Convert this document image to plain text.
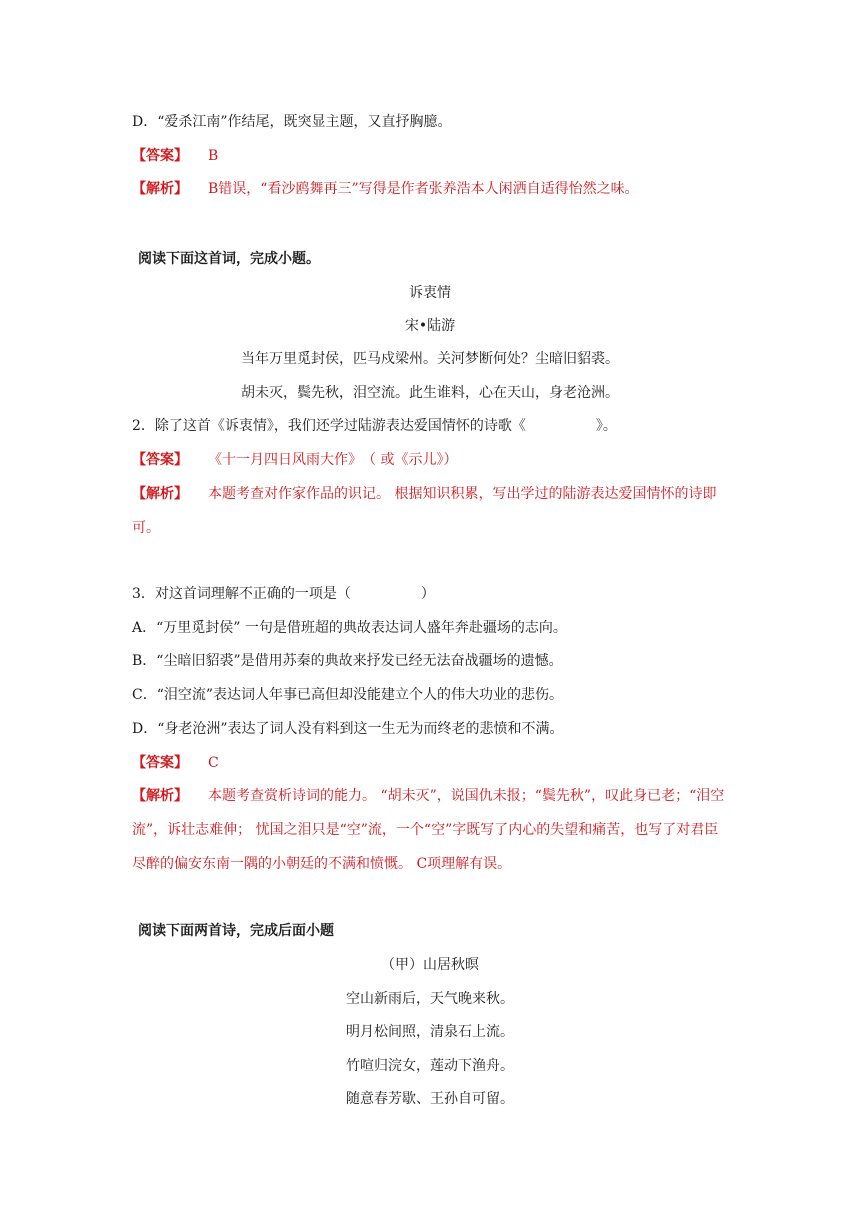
D．“爱杀江南”作结尾，既突显主题，又直抒胸臆。
【答案】 B
【解析】 B错误，“看沙鸥舞再三”写得是作者张养浩本人闲洒自适得怡然之味。
阅读下面这首词，完成小题。
诉衷情
宋•陆游
当年万里觅封侯，匹马戍梁州。关河梦断何处？尘暗旧貂裘。
胡未灭，鬓先秋，泪空流。此生谁料，心在天山，身老沧洲。
2．除了这首《诉衷情》，我们还学过陆游表达爱国情怀的诗歌《　　　　　》。
【答案】 《十一月四日风雨大作》　（ 或《示儿》）
【解析】 本题考查对作家作品的识记。 根据知识积累，写出学过的陆游表达爱国情怀的诗即可。
3．对这首词理解不正确的一项是（　　　　　）
A．“万里觅封侯” 一句是借班超的典故表达词人盛年奔赴疆场的志向。
B．“尘暗旧貂裘”是借用苏秦的典故来抒发已经无法奋战疆场的遗憾。
C．“泪空流”表达词人年事已高但却没能建立个人的伟大功业的悲伤。
D．“身老沧洲”表达了词人没有料到这一生无为而终老的悲愤和不满。
【答案】 C
【解析】 本题考查赏析诗词的能力。 “胡未灭”，说国仇未报；“鬓先秋”，叹此身已老；“泪空流”，诉壮志难伸； 忧国之泪只是“空”流，一个“空”字既写了内心的失望和痛苦，也写了对君臣尽醉的偏安东南一隅的小朝廷的不满和愤慨。 C项理解有误。
阅读下面两首诗，完成后面小题
（甲）山居秋暝
空山新雨后，天气晚来秋。
明月松间照，清泉石上流。
竹喧归浣女，莲动下渔舟。
随意春芳歇、王孙自可留。
